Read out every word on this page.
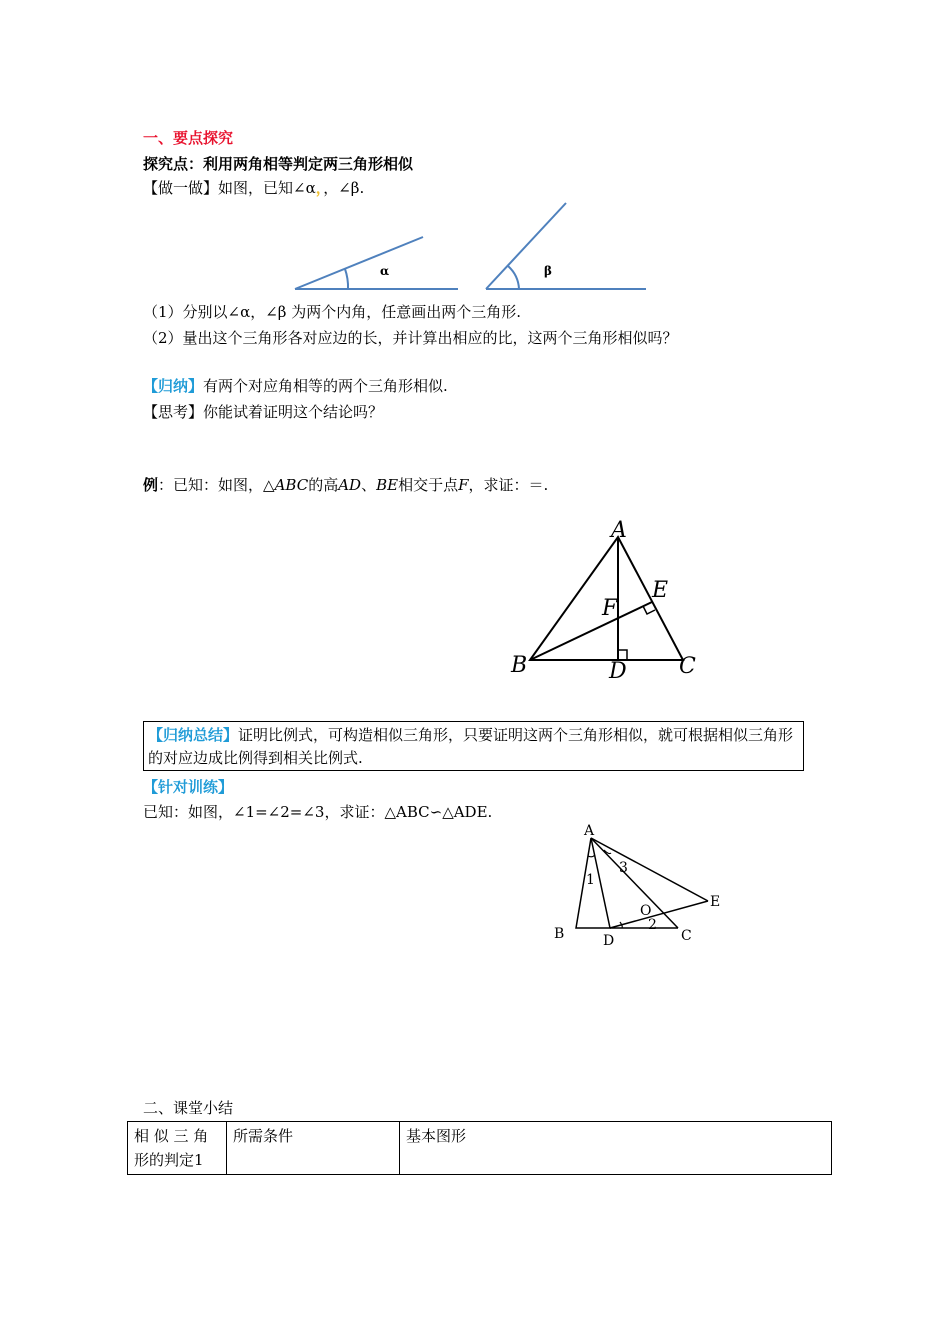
一、要点探究
探究点：利用两角相等判定两三角形相似
【做一做】如图，已知∠α，，∠β.
α	β
（1）分别以∠α，∠β 为两个内角，任意画出两个三角形.
（2）量出这个三角形各对应边的长，并计算出相应的比，这两个三角形相似吗？
【归纳】有两个对应角相等的两个三角形相似.
【思考】你能试着证明这个结论吗？
例：已知：如图，△ABC的高AD、BE相交于点F，求证：＝.
A
B	C
D
E
F
【归纳总结】证明比例式，可构造相似三角形，只要证明这两个三角形相似，就可根据相似三角形的对应边成比例得到相关比例式.
【针对训练】
已知：如图，∠1=∠2=∠3，求证：△ABC∽△ADE.
A
B	C
D
E
O
1
2
3
二、课堂小结
相 似 三 角形的判定1	所需条件	基本图形
